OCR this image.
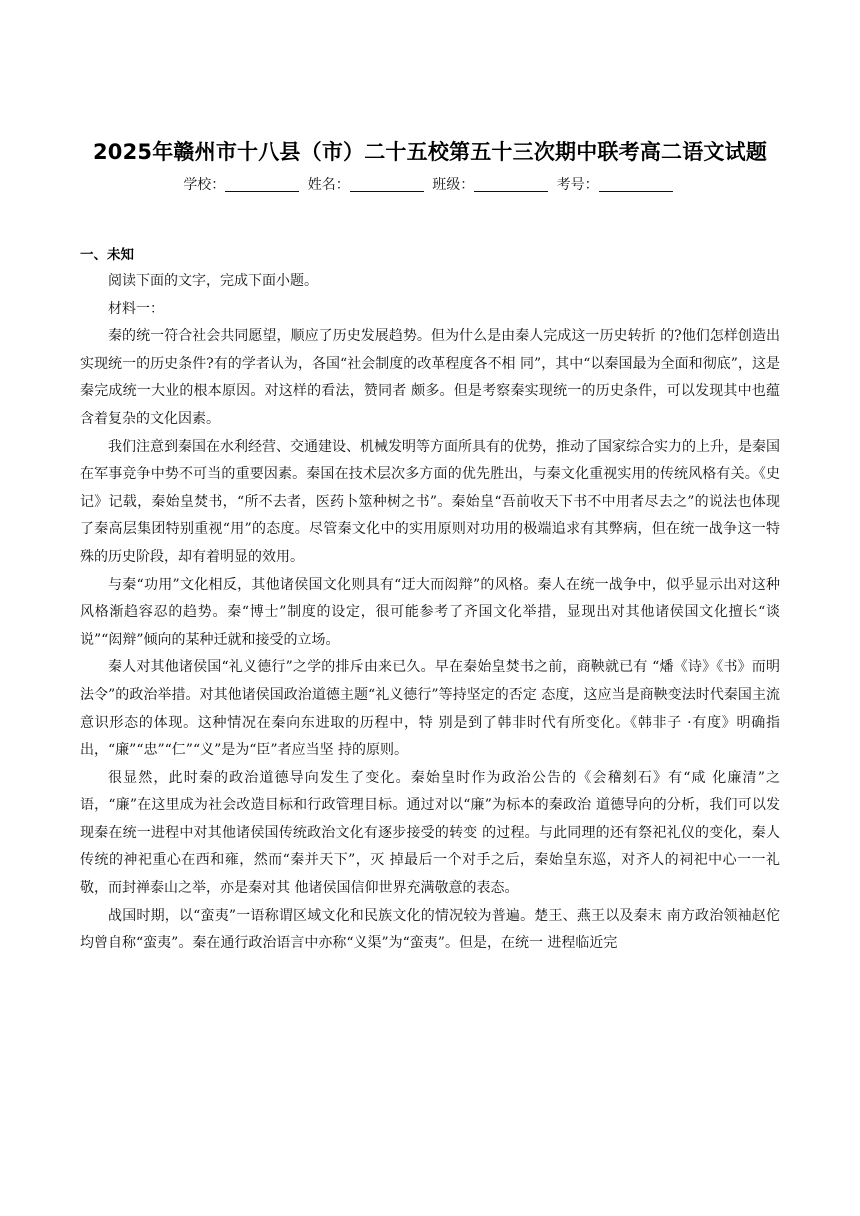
2025年赣州市十八县（市）二十五校第五十三次期中联考高二语文试题
学校：	姓名：	班级：	考号：
一、未知

阅读下面的文字，完成下面小题。

材料一：

秦的统一符合社会共同愿望，顺应了历史发展趋势。但为什么是由秦人完成这一历史转折 的?他们怎样创造出实现统一的历史条件?有的学者认为，各国“社会制度的改革程度各不相 同”，其中“以秦国最为全面和彻底”，这是秦完成统一大业的根本原因。对这样的看法，赞同者 颇多。但是考察秦实现统一的历史条件，可以发现其中也蕴含着复杂的文化因素。

我们注意到秦国在水利经营、交通建设、机械发明等方面所具有的优势，推动了国家综合实力的上升，是秦国在军事竞争中势不可当的重要因素。秦国在技术层次多方面的优先胜出，与秦文化重视实用的传统风格有关。《史记》记载，秦始皇焚书，“所不去者，医药卜筮种树之书”。秦始皇“吾前收天下书不中用者尽去之”的说法也体现了秦高层集团特别重视“用”的态度。尽管秦文化中的实用原则对功用的极端追求有其弊病，但在统一战争这一特殊的历史阶段，却有着明显的效用。

与秦“功用”文化相反，其他诸侯国文化则具有“迂大而闳辩”的风格。秦人在统一战争中，似乎显示出对这种风格渐趋容忍的趋势。秦“博士”制度的设定，很可能参考了齐国文化举措，显现出对其他诸侯国文化擅长“谈说”“闳辩”倾向的某种迁就和接受的立场。

秦人对其他诸侯国“礼义德行”之学的排斥由来已久。早在秦始皇焚书之前，商鞅就已有 “燔《诗》《书》而明法令”的政治举措。对其他诸侯国政治道德主题“礼义德行”等持坚定的否定 态度，这应当是商鞅变法时代秦国主流意识形态的体现。这种情况在秦向东进取的历程中，特 别是到了韩非时代有所变化。《韩非子 ·有度》明确指出，“廉”“忠”“仁”“义”是为“臣”者应当坚 持的原则。

很显然，此时秦的政治道德导向发生了变化。秦始皇时作为政治公告的《会稽刻石》有“咸 化廉清”之语，“廉”在这里成为社会改造目标和行政管理目标。通过对以“廉”为标本的秦政治 道德导向的分析，我们可以发现秦在统一进程中对其他诸侯国传统政治文化有逐步接受的转变 的过程。与此同理的还有祭祀礼仪的变化，秦人传统的神祀重心在西和雍，然而“秦并天下”，灭 掉最后一个对手之后，秦始皇东巡，对齐人的祠祀中心一一礼敬，而封禅泰山之举，亦是秦对其 他诸侯国信仰世界充满敬意的表态。

战国时期，以“蛮夷”一语称谓区域文化和民族文化的情况较为普遍。楚王、燕王以及秦末 南方政治领袖赵佗均曾自称“蛮夷”。秦在通行政治语言中亦称“义渠”为“蛮夷”。但是，在统一 进程临近完
